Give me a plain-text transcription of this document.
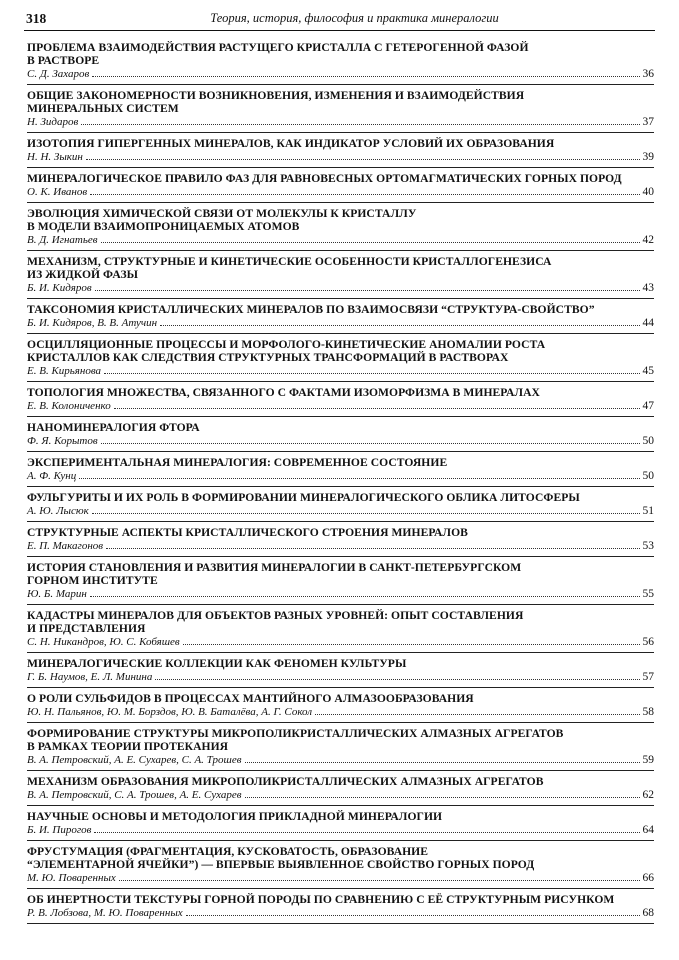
318	Теория, история, философия и практика минералогии
ПРОБЛЕМА ВЗАИМОДЕЙСТВИЯ РАСТУЩЕГО КРИСТАЛЛА С ГЕТЕРОГЕННОЙ ФАЗОЙ
В РАСТВОРЕ
С. Д. Захаров	36
ОБЩИЕ ЗАКОНОМЕРНОСТИ ВОЗНИКНОВЕНИЯ, ИЗМЕНЕНИЯ И ВЗАИМОДЕЙСТВИЯ
МИНЕРАЛЬНЫХ СИСТЕМ
Н. Зидаров	37
ИЗОТОПИЯ ГИПЕРГЕННЫХ МИНЕРАЛОВ, КАК ИНДИКАТОР УСЛОВИЙ ИХ ОБРАЗОВАНИЯ
Н. Н. Зыкин	39
МИНЕРАЛОГИЧЕСКОЕ ПРАВИЛО ФАЗ ДЛЯ РАВНОВЕСНЫХ ОРТОМАГМАТИЧЕСКИХ ГОРНЫХ ПОРОД
О. К. Иванов	40
ЭВОЛЮЦИЯ ХИМИЧЕСКОЙ СВЯЗИ ОТ МОЛЕКУЛЫ К КРИСТАЛЛУ
В МОДЕЛИ ВЗАИМОПРОНИЦАЕМЫХ АТОМОВ
В. Д. Игнатьев	42
МЕХАНИЗМ, СТРУКТУРНЫЕ И КИНЕТИЧЕСКИЕ ОСОБЕННОСТИ КРИСТАЛЛОГЕНЕЗИСА
ИЗ ЖИДКОЙ ФАЗЫ
Б. И. Кидяров	43
ТАКСОНОМИЯ КРИСТАЛЛИЧЕСКИХ МИНЕРАЛОВ ПО ВЗАИМОСВЯЗИ “СТРУКТУРА-СВОЙСТВО”
Б. И. Кидяров, В. В. Атучин	44
ОСЦИЛЛЯЦИОННЫЕ ПРОЦЕССЫ И МОРФОЛОГО-КИНЕТИЧЕСКИЕ АНОМАЛИИ РОСТА
КРИСТАЛЛОВ КАК СЛЕДСТВИЯ СТРУКТУРНЫХ ТРАНСФОРМАЦИЙ В РАСТВОРАХ
Е. В. Кирьянова	45
ТОПОЛОГИЯ МНОЖЕСТВА, СВЯЗАННОГО С ФАКТАМИ ИЗОМОРФИЗМА В МИНЕРАЛАХ
Е. В. Колониченко	47
НАНОМИНЕРАЛОГИЯ ФТОРА
Ф. Я. Корытов	50
ЭКСПЕРИМЕНТАЛЬНАЯ МИНЕРАЛОГИЯ: СОВРЕМЕННОЕ СОСТОЯНИЕ
А. Ф. Кунц	50
ФУЛЬГУРИТЫ И ИХ РОЛЬ В ФОРМИРОВАНИИ МИНЕРАЛОГИЧЕСКОГО ОБЛИКА ЛИТОСФЕРЫ
А. Ю. Лысюк	51
СТРУКТУРНЫЕ АСПЕКТЫ КРИСТАЛЛИЧЕСКОГО СТРОЕНИЯ МИНЕРАЛОВ
Е. П. Макагонов	53
ИСТОРИЯ СТАНОВЛЕНИЯ И РАЗВИТИЯ МИНЕРАЛОГИИ В САНКТ-ПЕТЕРБУРГСКОМ
ГОРНОМ ИНСТИТУТЕ
Ю. Б. Марин	55
КАДАСТРЫ МИНЕРАЛОВ ДЛЯ ОБЪЕКТОВ РАЗНЫХ УРОВНЕЙ: ОПЫТ СОСТАВЛЕНИЯ
И ПРЕДСТАВЛЕНИЯ
С. Н. Никандров, Ю. С. Кобяшев	56
МИНЕРАЛОГИЧЕСКИЕ КОЛЛЕКЦИИ КАК ФЕНОМЕН КУЛЬТУРЫ
Г. Б. Наумов, Е. Л. Минина	57
О РОЛИ СУЛЬФИДОВ В ПРОЦЕССАХ МАНТИЙНОГО АЛМАЗООБРАЗОВАНИЯ
Ю. Н. Пальянов, Ю. М. Борздов, Ю. В. Баталёва, А. Г. Сокол	58
ФОРМИРОВАНИЕ СТРУКТУРЫ МИКРОПОЛИКРИСТАЛЛИЧЕСКИХ АЛМАЗНЫХ АГРЕГАТОВ
В РАМКАХ ТЕОРИИ ПРОТЕКАНИЯ
В. А. Петровский, А. Е. Сухарев, С. А. Трошев	59
МЕХАНИЗМ ОБРАЗОВАНИЯ МИКРОПОЛИКРИСТАЛЛИЧЕСКИХ АЛМАЗНЫХ АГРЕГАТОВ
В. А. Петровский, С. А. Трошев, А. Е. Сухарев	62
НАУЧНЫЕ ОСНОВЫ И МЕТОДОЛОГИЯ ПРИКЛАДНОЙ МИНЕРАЛОГИИ
Б. И. Пирогов	64
ФРУСТУМАЦИЯ (ФРАГМЕНТАЦИЯ, КУСКОВАТОСТЬ, ОБРАЗОВАНИЕ
“ЭЛЕМЕНТАРНОЙ ЯЧЕЙКИ”) — ВПЕРВЫЕ ВЫЯВЛЕННОЕ СВОЙСТВО ГОРНЫХ ПОРОД
М. Ю. Поваренных	66
ОБ ИНЕРТНОСТИ ТЕКСТУРЫ ГОРНОЙ ПОРОДЫ ПО СРАВНЕНИЮ С ЕЁ СТРУКТУРНЫМ РИСУНКОМ
Р. В. Лобзова, М. Ю. Поваренных	68
